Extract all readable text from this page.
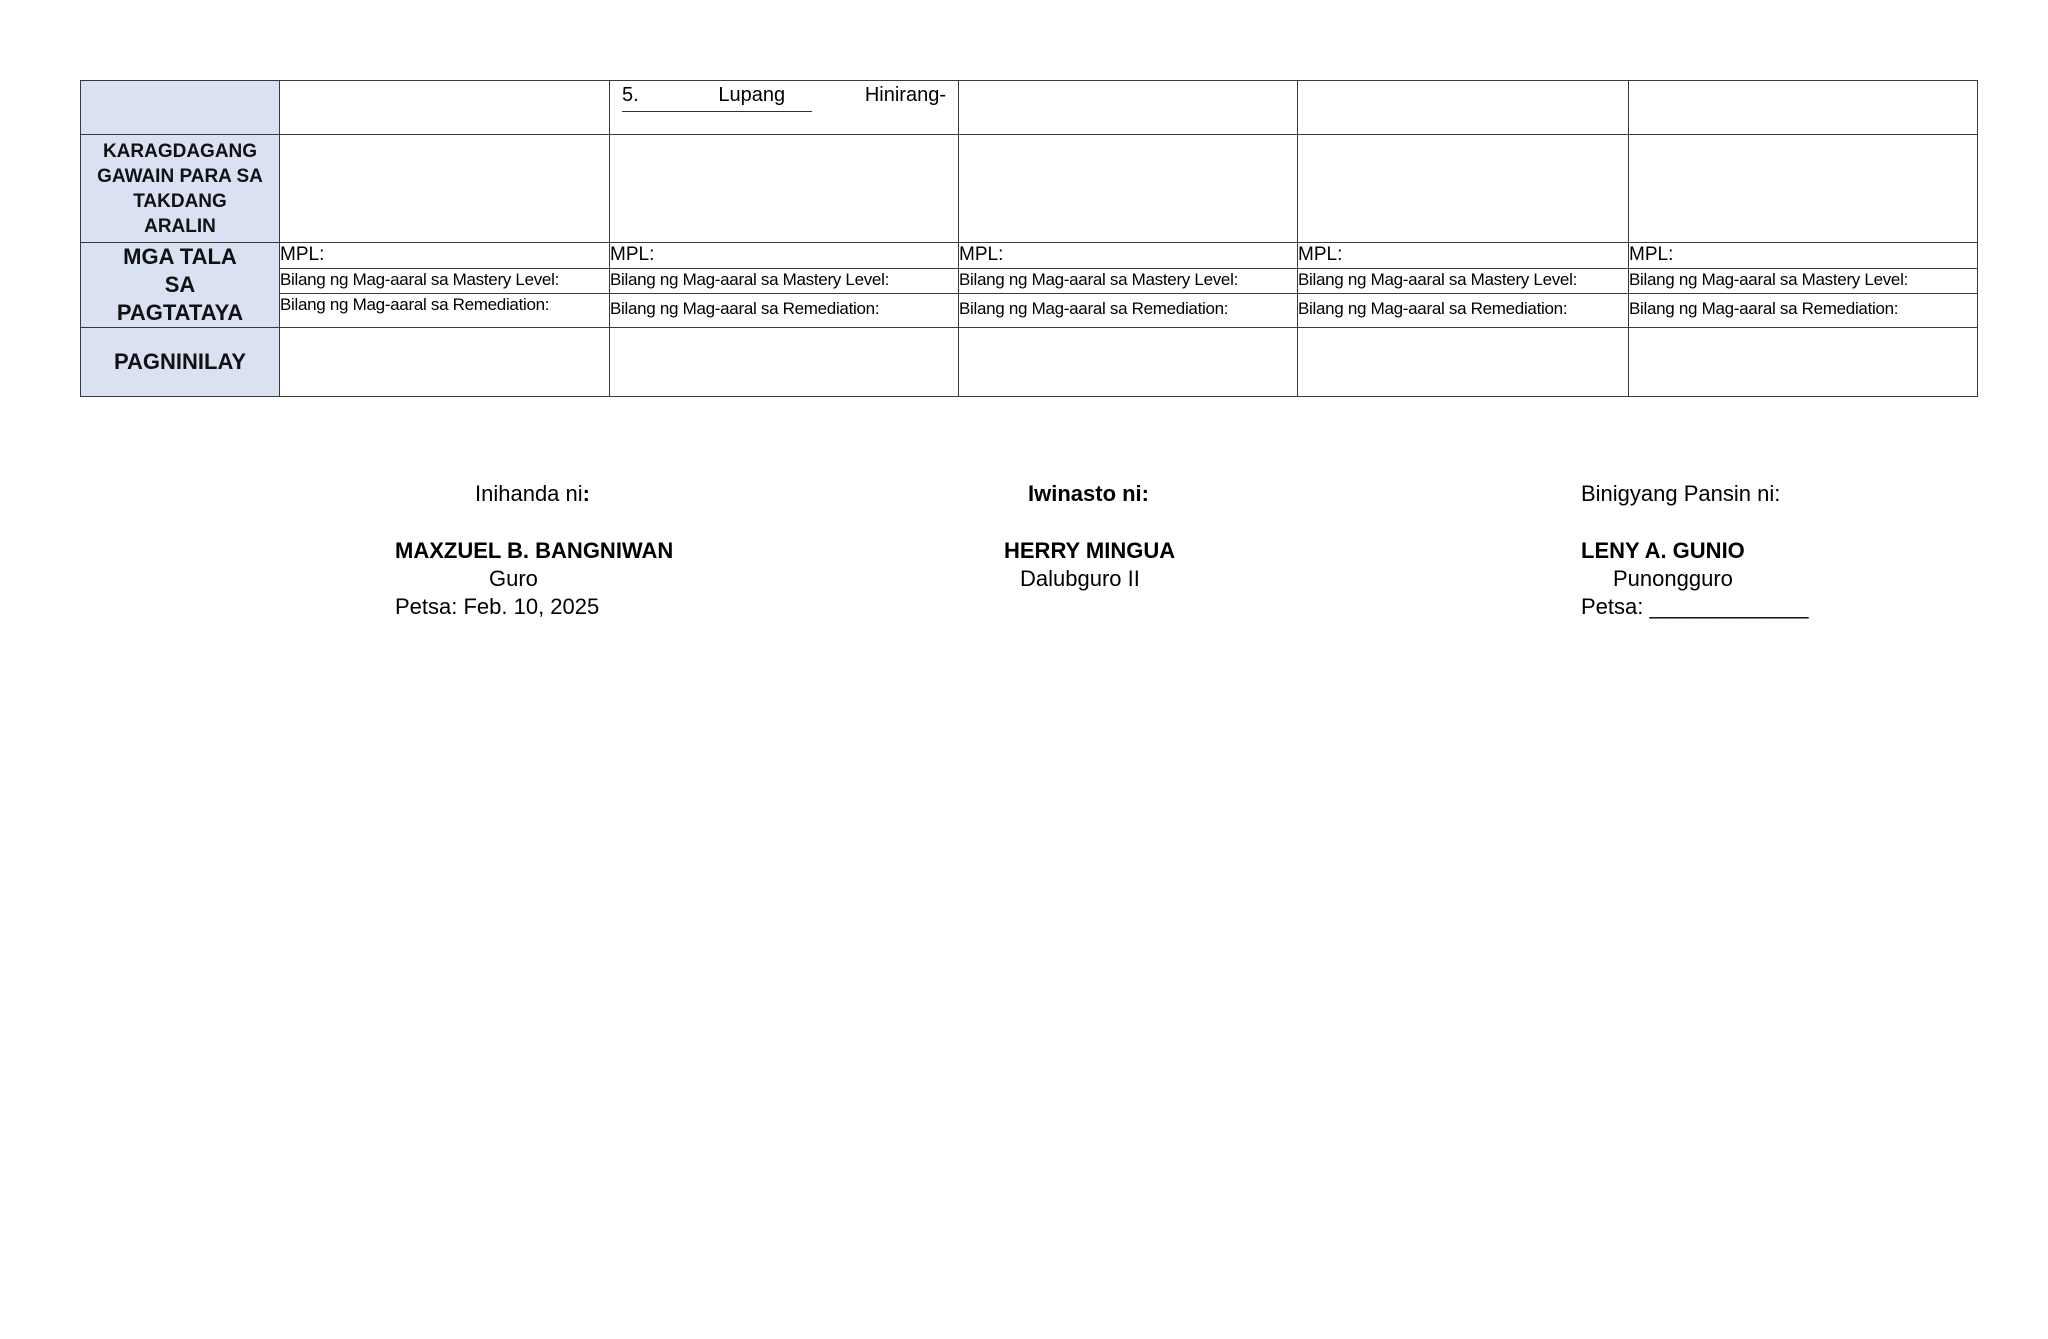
		5. Lupang Hinirang-			

KARAGDAGANG
GAWAIN PARA SA
TAKDANG
ARALIN					

MGA TALA
SA
PAGTATAYA	MPL:	MPL:	MPL:	MPL:	MPL:
	Bilang ng Mag-aaral sa Mastery Level:	Bilang ng Mag-aaral sa Mastery Level:	Bilang ng Mag-aaral sa Mastery Level:	Bilang ng Mag-aaral sa Mastery Level:	Bilang ng Mag-aaral sa Mastery Level:
	Bilang ng Mag-aaral sa Remediation:	Bilang ng Mag-aaral sa Remediation:	Bilang ng Mag-aaral sa Remediation:	Bilang ng Mag-aaral sa Remediation:	Bilang ng Mag-aaral sa Remediation:
PAGNINILAY					
Inihanda ni:
MAXZUEL B. BANGNIWAN
Guro
Petsa: Feb. 10, 2025
Iwinasto ni:
HERRY MINGUA
Dalubguro II
Binigyang Pansin ni:
LENY A. GUNIO
Punongguro
Petsa: _____________
